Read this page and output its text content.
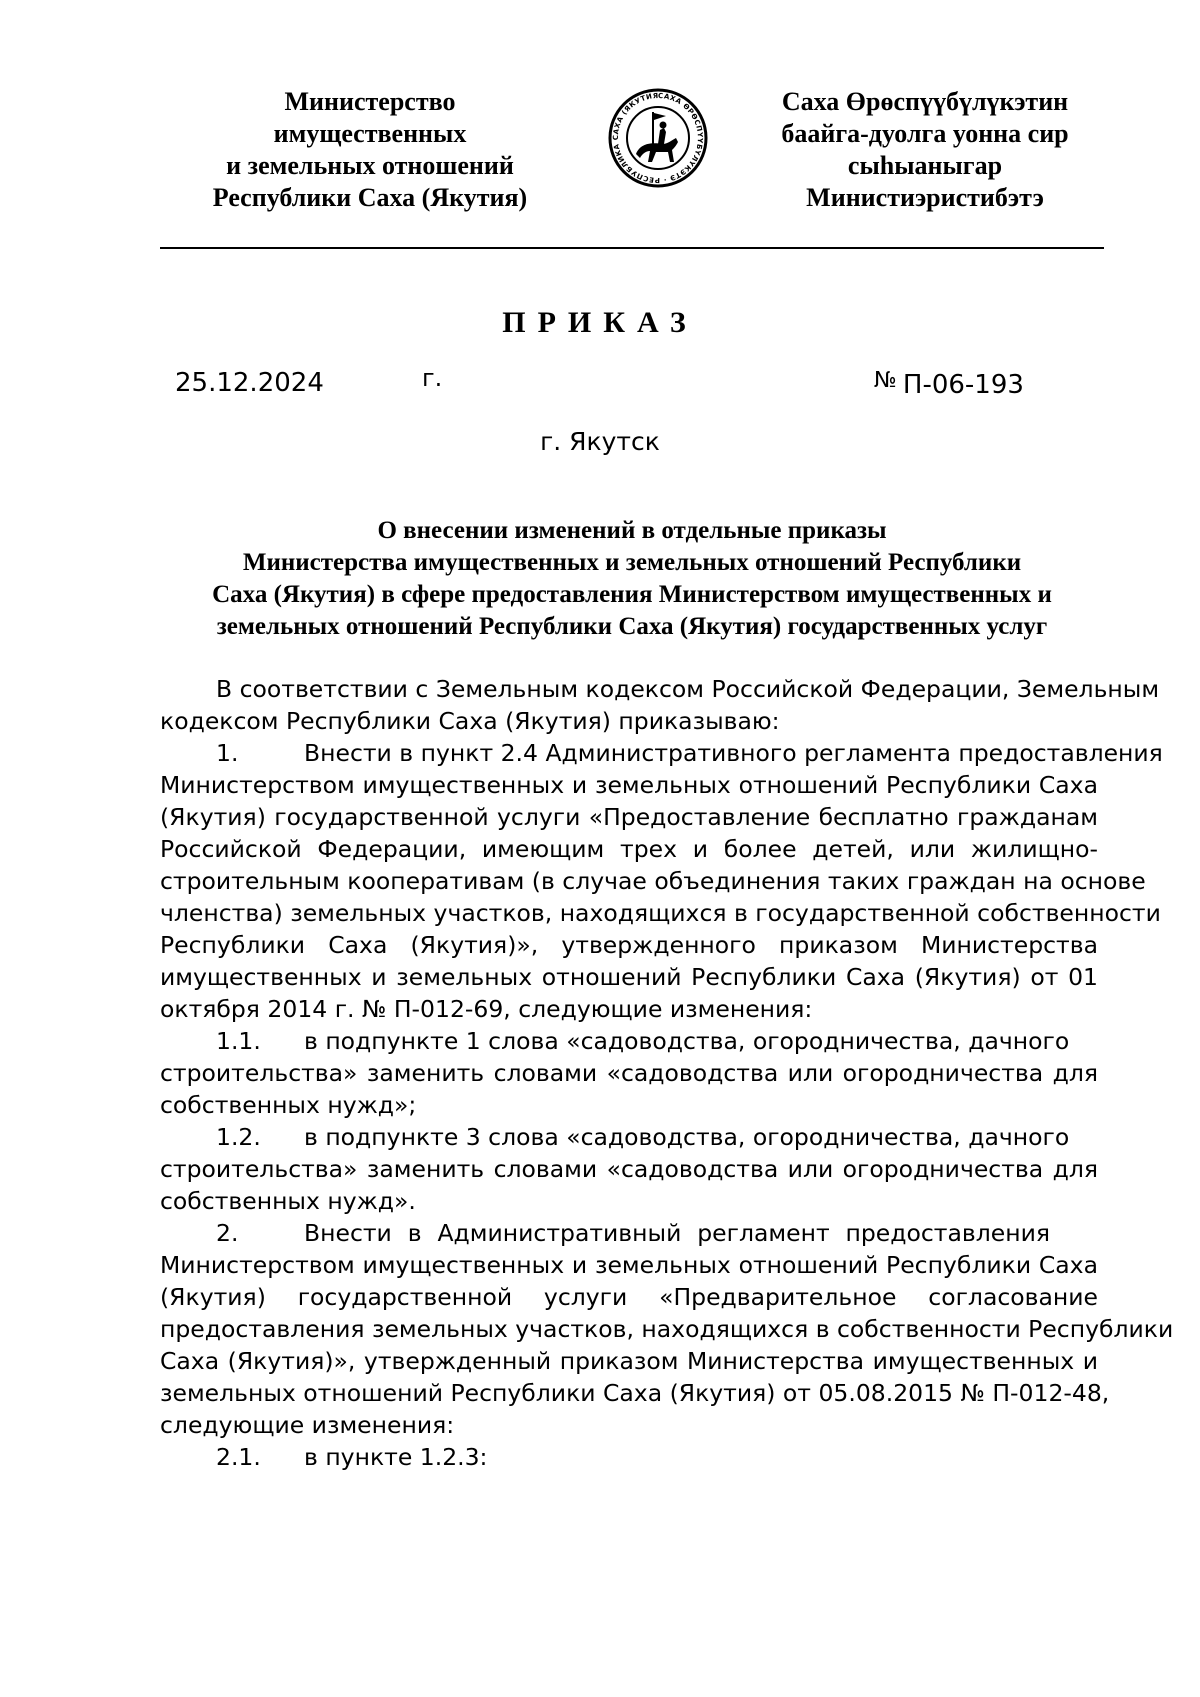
Министерство
имущественных
и земельных отношений
Республики Саха (Якутия)
САХА ӨРӨСПҮҮБҮЛҮКЭТЭ · РЕСПУБЛИКА САХА (ЯКУТИЯ	Саха Өрөспүүбүлүкэтин
баайга-дуолга уонна сир
сыһыаныгар
Министиэристибэтэ
ПРИКАЗ
25.12.2024	г.	№ П-06-193
г. Якутск
О внесении изменений в отдельные приказы
Министерства имущественных и земельных отношений Республики
Саха (Якутия) в сфере предоставления Министерством имущественных и
земельных отношений Республики Саха (Якутия) государственных услуг
В соответствии с Земельным кодексом Российской Федерации, Земельным
кодексом Республики Саха (Якутия) приказываю:
1.	Внести в пункт 2.4 Административного регламента предоставления
Министерством имущественных и земельных отношений Республики Саха
(Якутия) государственной услуги «Предоставление бесплатно гражданам
Российской Федерации, имеющим трех и более детей, или жилищно-
строительным кооперативам (в случае объединения таких граждан на основе
членства) земельных участков, находящихся в государственной собственности
Республики Саха (Якутия)», утвержденного приказом Министерства
имущественных и земельных отношений Республики Саха (Якутия) от 01
октября 2014 г. № П-012-69, следующие изменения:
1.1. в подпункте 1 слова «садоводства, огородничества, дачного
строительства» заменить словами «садоводства или огородничества для
собственных нужд»;
1.2. в подпункте 3 слова «садоводства, огородничества, дачного
строительства» заменить словами «садоводства или огородничества для
собственных нужд».
2.	Внести в Административный регламент предоставления
Министерством имущественных и земельных отношений Республики Саха
(Якутия) государственной услуги «Предварительное согласование
предоставления земельных участков, находящихся в собственности Республики
Саха (Якутия)», утвержденный приказом Министерства имущественных и
земельных отношений Республики Саха (Якутия) от 05.08.2015 № П-012-48,
следующие изменения:
2.1. в пункте 1.2.3:
